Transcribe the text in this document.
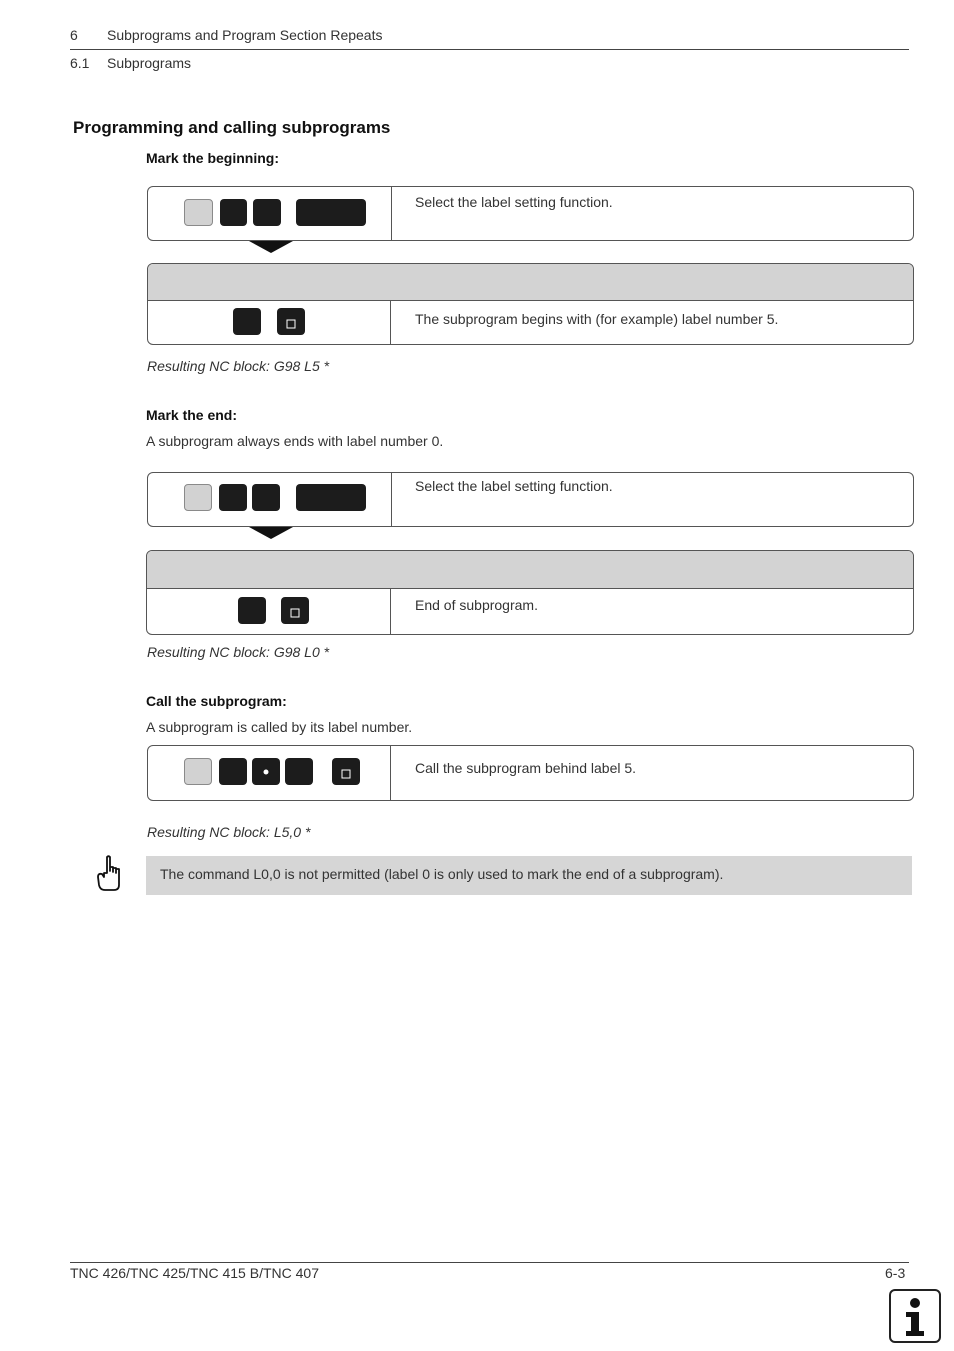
6 Subprograms and Program Section Repeats
6.1 Subprograms
Programming and calling subprograms
Mark the beginning:
Select the label setting function.
The subprogram begins with (for example) label number 5.
Resulting NC block: G98 L5 *
Mark the end:
A subprogram always ends with label number 0.
Select the label setting function.
End of subprogram.
Resulting NC block: G98 L0 *
Call the subprogram:
A subprogram is called by its label number.
Call the subprogram behind label 5.
Resulting NC block: L5,0 *
The command L0,0 is not permitted (label 0 is only used to mark the end of a subprogram).
TNC 426/TNC 425/TNC 415 B/TNC 407	6-3
